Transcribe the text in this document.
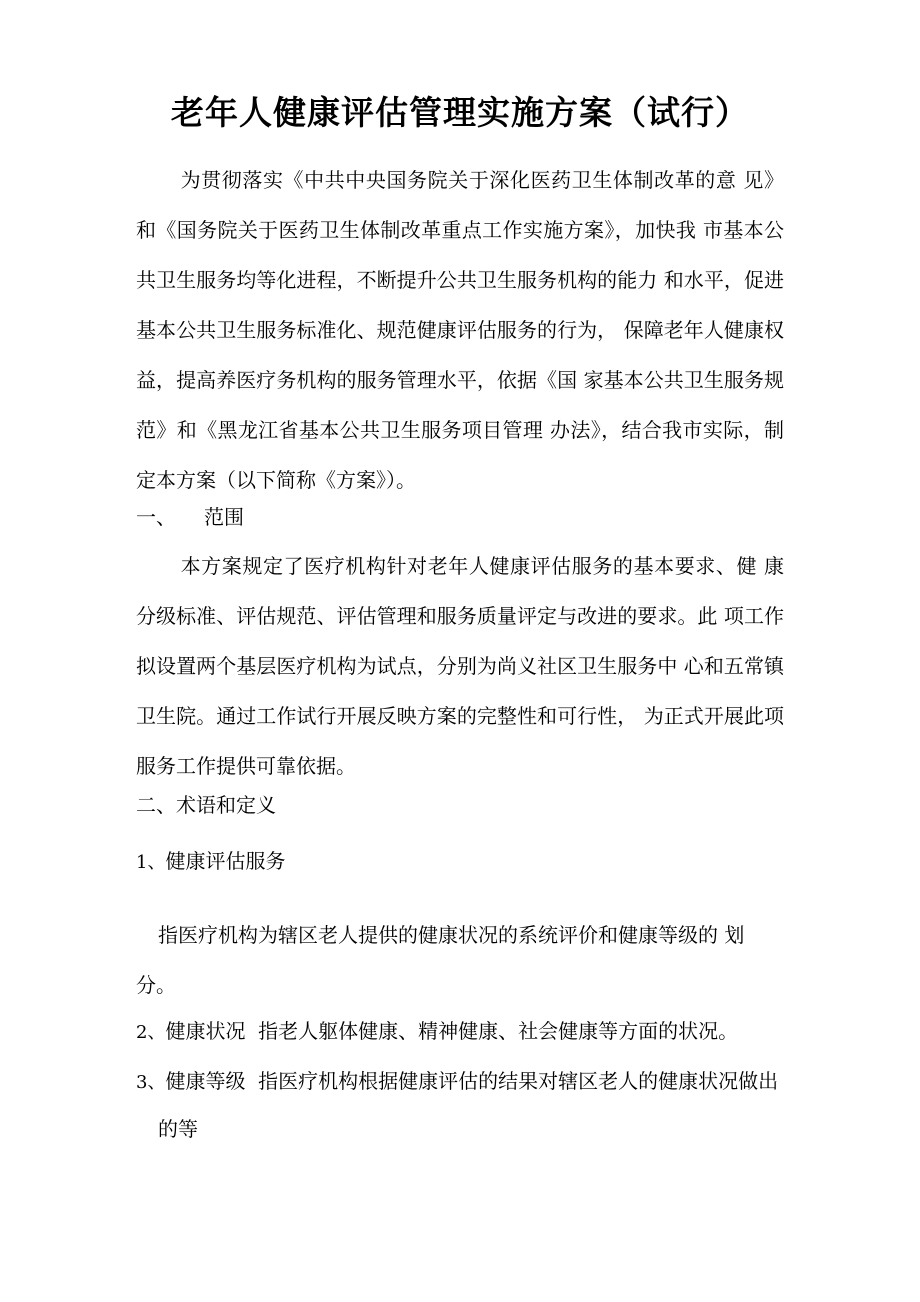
老年人健康评估管理实施方案（试行）
为贯彻落实《中共中央国务院关于深化医药卫生体制改革的意 见》和《国务院关于医药卫生体制改革重点工作实施方案》，加快我 市基本公共卫生服务均等化进程，不断提升公共卫生服务机构的能力 和水平，促进基本公共卫生服务标准化、规范健康评估服务的行为， 保障老年人健康权益，提高养医疗务机构的服务管理水平，依据《国 家基本公共卫生服务规范》和《黑龙江省基本公共卫生服务项目管理 办法》，结合我市实际，制定本方案（以下简称《方案》）。
一、 范围
本方案规定了医疗机构针对老年人健康评估服务的基本要求、健 康分级标准、评估规范、评估管理和服务质量评定与改进的要求。此 项工作拟设置两个基层医疗机构为试点，分别为尚义社区卫生服务中 心和五常镇卫生院。通过工作试行开展反映方案的完整性和可行性， 为正式开展此项服务工作提供可靠依据。
二、术语和定义
1、健康评估服务
指医疗机构为辖区老人提供的健康状况的系统评价和健康等级的 划分。
2、健康状况  指老人躯体健康、精神健康、社会健康等方面的状况。
3、健康等级  指医疗机构根据健康评估的结果对辖区老人的健康状况做出
的等
